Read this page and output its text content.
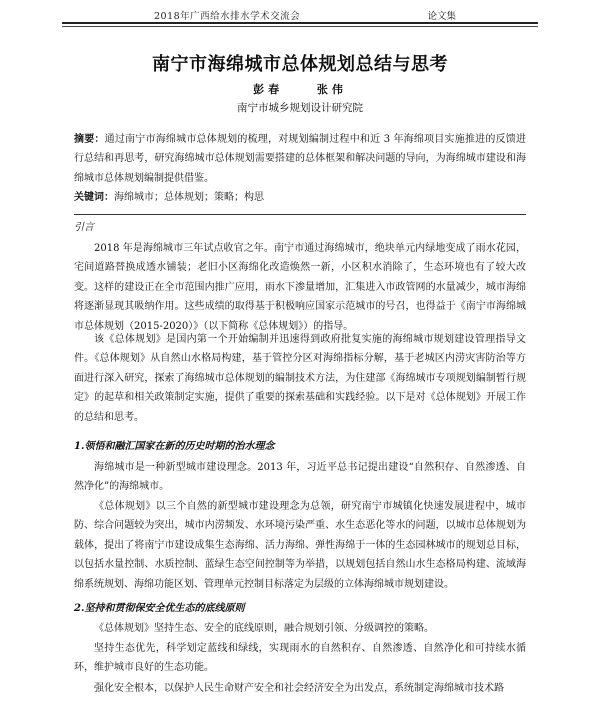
2018年广西给水排水学术交流会	论文集
南宁市海绵城市总体规划总结与思考
彭春	张伟
南宁市城乡规划设计研究院
摘要：通过南宁市海绵城市总体规划的梳理，对规划编制过程中和近 3 年海绵项目实施推进的反馈进行总结和再思考，研究海绵城市总体规划需要搭建的总体框架和解决问题的导向，为海绵城市建设和海绵城市总体规划编制提供借鉴。
关键词：海绵城市；总体规划；策略；构思
引言

2018 年是海绵城市三年试点收官之年。南宁市通过海绵城市，绝块单元内绿地变成了雨水花园，宅间道路替换成透水铺装；老旧小区海绵化改造焕然一新，小区积水消除了，生态环境也有了较大改变。这样的建设正在全市范围内推广应用，雨水下渗量增加，汇集进入市政管网的水量减少，城市海绵将逐渐显现其吸纳作用。这些成绩的取得基于积极响应国家示范城市的号召，也得益于《南宁市海绵城市总体规划（2015-2020）》（以下简称《总体规划》）的指导。

该《总体规划》是国内第一个开始编制并迅速得到政府批复实施的海绵城市规划建设管理指导文件。《总体规划》从自然山水格局构建，基于管控分区对海绵指标分解，基于老城区内涝灾害防治等方面进行深入研究，探索了海绵城市总体规划的编制技术方法，为住建部《海绵城市专项规划编制暂行规定》的起草和相关政策制定实施，提供了重要的探索基础和实践经验。以下是对《总体规划》开展工作的总结和思考。

1.领悟和融汇国家在新的历史时期的治水理念

海绵城市是一种新型城市建设理念。2013 年，习近平总书记提出建设“自然积存、自然渗透、自然净化”的海绵城市。

《总体规划》以三个自然的新型城市建设理念为总领，研究南宁市城镇化快速发展进程中，城市防、综合问题较为突出，城市内涝频发、水环境污染严重、水生态恶化等水的问题，以城市总体规划为载体，提出了将南宁市建设成集生态海绵、活力海绵、弹性海绵于一体的生态园林城市的规划总目标，以包括水量控制、水质控制、蓝绿生态空间控制等为举措，以规划包括自然山水生态格局构建、流域海绵系统规划、海绵功能区划、管理单元控制目标落定为层级的立体海绵城市规划建设。

2.坚持和贯彻保安全优生态的底线原则

《总体规划》坚持生态、安全的底线原则，融合规划引领、分级调控的策略。

坚持生态优先，科学划定蓝线和绿线，实现雨水的自然积存、自然渗透、自然净化和可持续水循环，维护城市良好的生态功能。

强化安全根本，以保护人民生命财产安全和社会经济安全为出发点，系统制定海绵城市技术路
